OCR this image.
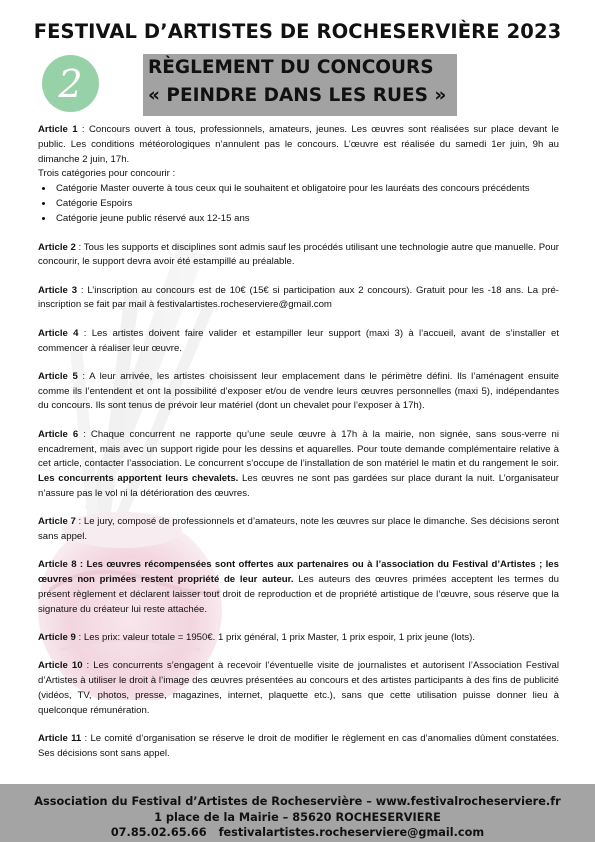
FESTIVAL D’ARTISTES DE ROCHESERVIÈRE 2023
2	RÈGLEMENT DU CONCOURS
« PEINDRE DANS LES RUES »

Article 1 : Concours ouvert à tous, professionnels, amateurs, jeunes. Les œuvres sont réalisées sur place devant le public. Les conditions météorologiques n’annulent pas le concours. L’œuvre est réalisée du samedi 1er juin, 9h au dimanche 2 juin, 17h.
Trois catégories pour concourir :

• Catégorie Master ouverte à tous ceux qui le souhaitent et obligatoire pour les lauréats des concours précédents
• Catégorie Espoirs
• Catégorie jeune public réservé aux 12-15 ans

Article 2 : Tous les supports et disciplines sont admis sauf les procédés utilisant une technologie autre que manuelle. Pour concourir, le support devra avoir été estampillé au préalable.

Article 3 : L’inscription au concours est de 10€ (15€ si participation aux 2 concours). Gratuit pour les -18 ans. La pré-inscription se fait par mail à festivalartistes.rocheserviere@gmail.com

Article 4 : Les artistes doivent faire valider et estampiller leur support (maxi 3) à l’accueil, avant de s’installer et commencer à réaliser leur œuvre.

Article 5 : A leur arrivée, les artistes choisissent leur emplacement dans le périmètre défini. Ils l’aménagent ensuite comme ils l’entendent et ont la possibilité d’exposer et/ou de vendre leurs œuvres personnelles (maxi 5), indépendantes du concours. Ils sont tenus de prévoir leur matériel (dont un chevalet pour l’exposer à 17h).

Article 6 : Chaque concurrent ne rapporte qu’une seule œuvre à 17h à la mairie, non signée, sans sous-verre ni encadrement, mais avec un support rigide pour les dessins et aquarelles. Pour toute demande complémentaire relative à cet article, contacter l’association. Le concurrent s’occupe de l’installation de son matériel le matin et du rangement le soir. Les concurrents apportent leurs chevalets. Les œuvres ne sont pas gardées sur place durant la nuit. L’organisateur n’assure pas le vol ni la détérioration des œuvres.

Article 7 : Le jury, composé de professionnels et d’amateurs, note les œuvres sur place le dimanche. Ses décisions seront sans appel.

Article 8 : Les œuvres récompensées sont offertes aux partenaires ou à l’association du Festival d’Artistes ; les œuvres non primées restent propriété de leur auteur. Les auteurs des œuvres primées acceptent les termes du présent règlement et déclarent laisser tout droit de reproduction et de propriété artistique de l’œuvre, sous réserve que la signature du créateur lui reste attachée.

Article 9 : Les prix: valeur totale = 1950€. 1 prix général, 1 prix Master, 1 prix espoir, 1 prix jeune (lots).

Article 10 : Les concurrents s’engagent à recevoir l’éventuelle visite de journalistes et autorisent l’Association Festival d’Artistes à utiliser le droit à l’image des œuvres présentées au concours et des artistes participants à des fins de publicité (vidéos, TV, photos, presse, magazines, internet, plaquette etc.), sans que cette utilisation puisse donner lieu à quelconque rémunération.

Article 11 : Le comité d’organisation se réserve le droit de modifier le règlement en cas d’anomalies dûment constatées. Ses décisions sont sans appel.

Association du Festival d’Artistes de Rocheservière – www.festivalrocheserviere.fr
1 place de la Mairie – 85620 ROCHESERVIERE
07.85.02.65.66 festivalartistes.rocheserviere@gmail.com
